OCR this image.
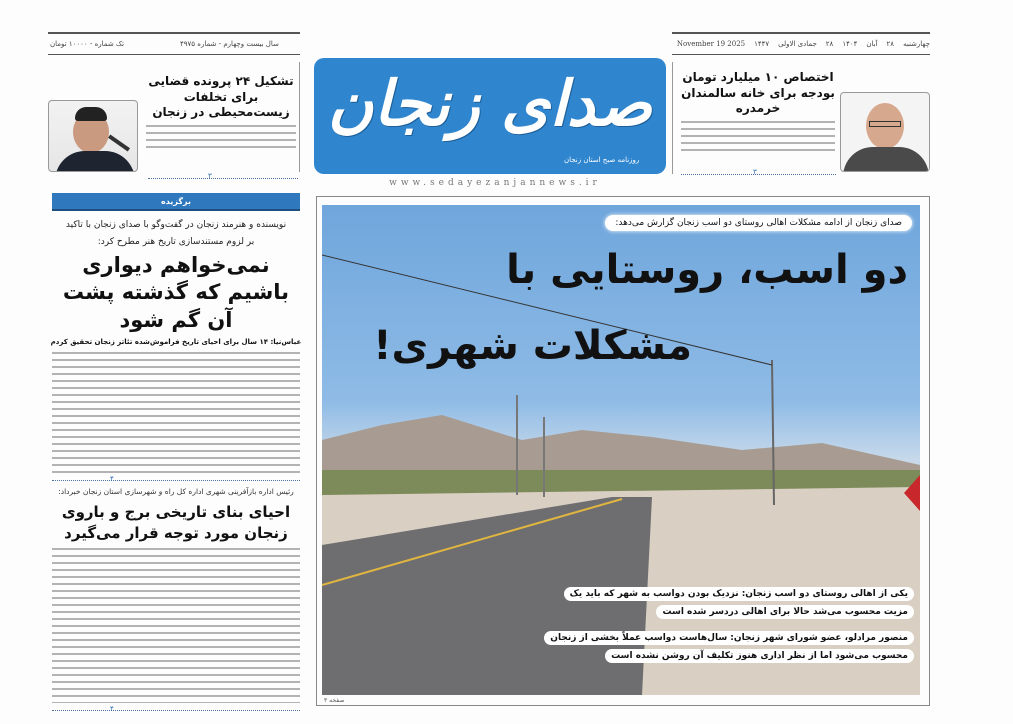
سال بیست وچهارم - شماره ۴۹۷۵
تک شماره - ۱۰۰۰۰ تومان	چهارشنبه
۲۸
آبان
۱۴۰۴
۲۸
جمادی الاولی
۱۴۴۷
November 19 2025
صدای زنجان
روزنامه صبح استان زنجان
www.sedayezanjannews.ir
تشکیل ۲۴ پرونده قضایی برای تخلفات زیست‌محیطی در زنجان
۳
اختصاص ۱۰ میلیارد تومان بودجه برای خانه سالمندان خرمدره
۳
برگزیده
نویسنده و هنرمند زنجان در گفت‌وگو با صدای زنجان با تاکید
بر لزوم مستندسازی تاریخ هنر مطرح کرد:
نمی‌خواهم دیواری باشیم که گذشته پشت آن گم شود
عباس‌نیا: ۱۴ سال برای احیای تاریخ فراموش‌شده تئاتر زنجان تحقیق کردم
۴
رئیس اداره بازآفرینی شهری اداره کل راه و شهرسازی استان زنجان خبرداد:
احیای بنای تاریخی برج و باروی زنجان مورد توجه قرار می‌گیرد
۴
صدای زنجان از ادامه مشکلات اهالی روستای دو اسب زنجان گزارش می‌دهد:
دو اسب، روستایی با
مشکلات شهری!
یکی از اهالی روستای دو اسب زنجان: نزدیک بودن دواسب به شهر که باید یک مزیت محسوب می‌شد حالا برای اهالی دردسر شده است
منصور مرادلو، عضو شورای شهر زنجان: سال‌هاست دواسب عملاً بخشی از زنجان محسوب می‌شود اما از نظر اداری هنوز تکلیف آن روشن نشده است
صفحه ۳
